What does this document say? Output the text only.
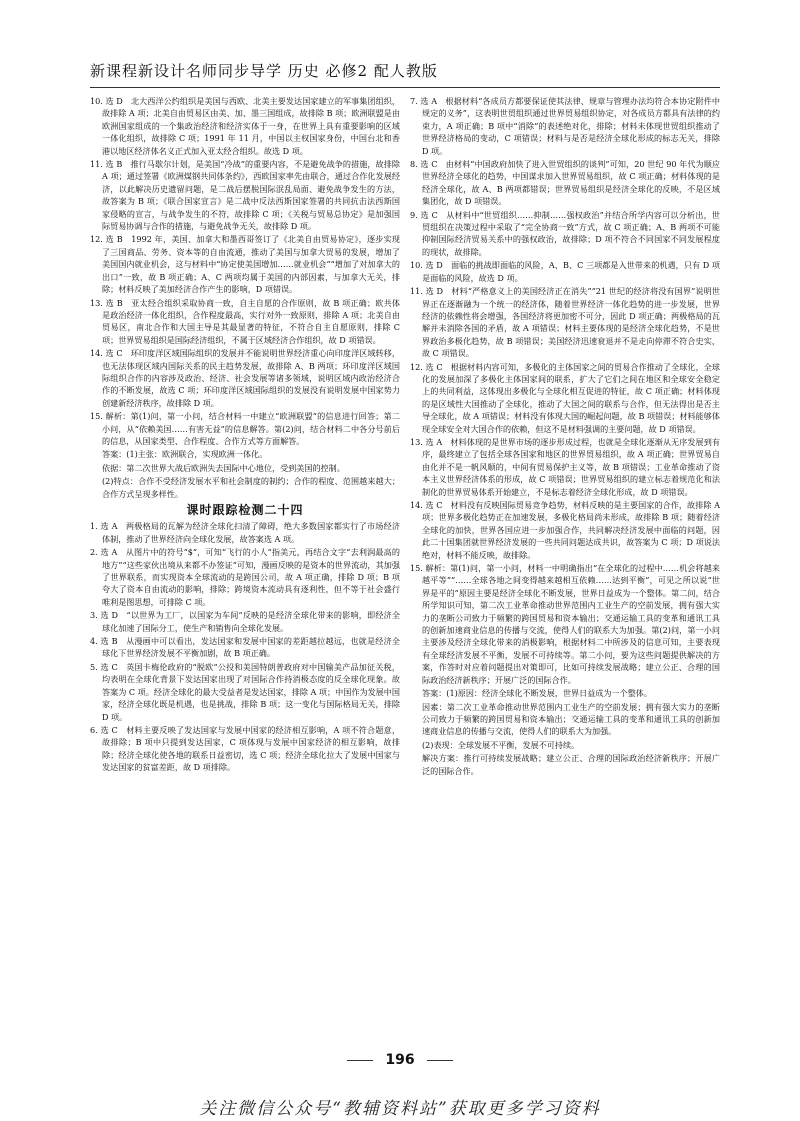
新课程新设计名师同步导学 历史 必修2 配人教版
10. 选 D　北大西洋公约组织是美国与西欧、北美主要发达国家建立的军事集团组织，故排除 A 项；北美自由贸易区由美、加、墨三国组成，故排除 B 项；欧洲联盟是由欧洲国家组成的一个集政治经济和经济实体于一身，在世界上具有重要影响的区域一体化组织，故排除 C 项；1991 年 11 月，中国以主权国家身份，中国台北和香港以地区经济体名义正式加入亚太经合组织。故选 D 项。
11. 选 B　推行马歇尔计划，是美国“冷战”的重要内容，不是避免战争的措施，故排除 A 项；通过签署《欧洲煤钢共同体条约》，西欧国家率先由联合，通过合作化发展经济，以此解决历史遗留问题，是二战后摆脱国际泯乱局面、避免战争发生的方法，故答案为 B 项；《联合国家宣言》是二战中反法西斯国家签署的共同抗击法西斯国家侵略的宣言，与战争发生的不符，故排除 C 项；《关税与贸易总协定》是加强国际贸易协调与合作的措施，与避免战争无关，故排除 D 项。
12. 选 B　1992 年，美国、加拿大和墨西哥签订了《北美自由贸易协定》，逐步实现了三国商品、劳务、资本等的自由流通，推动了美国与加拿大贸易的发展，增加了美国国内就业机会，这与材料中“协定使美国增加……就业机会”“增加了对加拿大的出口”一致，故 B 项正确；A、C 两项均属于美国的内部因素，与加拿大无关，排除；材料反映了美加经济合作产生的影响，D 项错误。
13. 选 B　亚太经合组织采取协商一致，自主自愿的合作原则，故 B 项正确；欧共体是政治经济一体化组织，合作程度最高，实行对外一致原则，排除 A 项；北美自由贸易区，南北合作和大国主导是其最显著的特征，不符合自主自愿原则，排除 C 项；世界贸易组织是国际经济组织，不属于区域经济合作组织，故 D 项错误。
14. 选 C　环印度洋区域国际组织的发展并不能说明世界经济重心向印度洋区域转移，也无法体现区域内国际关系的民主趋势发展，故排除 A、B 两项；环印度洋区域国际组织合作的内容涉及政治、经济、社会发展等诸多领域，说明区域内政治经济合作的不断发展，故选 C 项；环印度洋区域国际组织的发展没有说明发展中国家势力创建新经济秩序，故排除 D 项。
15. 解析：第(1)问，第一小问，结合材料一中建立“欧洲联盟”的信息进行回答；第二小问，从“依赖美国……有害无益”的信息解答。第(2)问，结合材料二中各分号前后的信息，从国家类型、合作程度、合作方式等方面解答。
答案：(1)主张：欧洲联合，实现欧洲一体化。
依据：第二次世界大战后欧洲失去国际中心地位，受到美国的控制。
(2)特点：合作不受经济发展水平和社会制度的制约；合作的程度、范围越来越大；合作方式呈现多样性。
课时跟踪检测二十四
1. 选 A　两极格局的瓦解为经济全球化扫清了障碍，绝大多数国家都实行了市场经济体制，推动了世界经济向全球化发展，故答案选 A 项。
2. 选 A　从图片中的符号“$”，可知“飞行的小人”指美元，再结合文字“去利润最高的地方”“这些家伙出境从来都不办签证”可知，漫画反映的是资本的世界流动，其加强了世界联系，而实现资本全球流动的是跨国公司，故 A 项正确，排除 D 项；B 项夸大了资本自由流动的影响，排除；跨境资本流动具有逐利性，但不等于社会盛行唯利是图思想，可排除 C 项。
3. 选 D　“以世界为工厂，以国家为车间”反映的是经济全球化带来的影响，即经济全球化加速了国际分工，使生产和销售向全球化发展。
4. 选 B　从漫画中可以看出，发达国家和发展中国家的差距越拉越远，也就是经济全球化下世界经济发展不平衡加剧，故 B 项正确。
5. 选 C　英国卡梅伦政府的“脱欧”公投和美国特朗普政府对中国输美产品加征关税，均表明在全球化背景下发达国家出现了对国际合作持消极态度的反全球化现象。故答案为 C 项。经济全球化的最大受益者是发达国家，排除 A 项；中国作为发展中国家，经济全球化既是机遇，也是挑战，排除 B 项；这一变化与国际格局无关，排除 D 项。
6. 选 C　材料主要反映了发达国家与发展中国家的经济相互影响，A 项不符合题意，故排除；B 项中只提到发达国家，C 项体现与发展中国家经济的相互影响，故排除；经济全球化使各地的联系日益密切，选 C 项；经济全球化拉大了发展中国家与发达国家的贫富差距，故 D 项排除。
7. 选 A　根据材料“各成员方都要保证使其法律、规章与管理办法均符合本协定附件中规定的义务”，这表明世贸组织通过世界贸易组织协定，对各成员方都具有法律的约束力，A 项正确；B 项中“消除”的表述绝对化，排除；材料未体现世贸组织推动了世界经济格局的变动，C 项错误；材料与是否是经济全球化形成的标志无关，排除 D 项。
8. 选 C　由材料“中国政府加快了进入世贸组织的谈判”可知，20 世纪 90 年代为顺应世界经济全球化的趋势，中国谋求加入世界贸易组织，故 C 项正确；材料体现的是经济全球化，故 A、B 两项都错误；世界贸易组织是经济全球化的反映，不是区域集团化，故 D 项错误。
9. 选 C　从材料中“世贸组织……抑制……强权政治”并结合所学内容可以分析出，世贸组织在决策过程中采取了“完全协商一致”方式，故 C 项正确；A、B 两项不可能抑制国际经济贸易关系中的强权政治，故排除；D 项不符合不同国家不同发展程度的现状，故排除。
10. 选 D　面临的挑战即面临的风险，A、B、C 三项都是入世带来的机遇，只有 D 项是面临的风险，故选 D 项。
11. 选 D　材料“严格意义上的美国经济正在消失”“21 世纪的经济将没有国界”说明世界正在逐渐融为一个统一的经济体，随着世界经济一体化趋势的进一步发展，世界经济的依赖性将会增强，各国经济将更加密不可分，因此 D 项正确；两极格局的瓦解并未消除各国的矛盾，故 A 项错误；材料主要体现的是经济全球化趋势，不是世界政治多极化趋势，故 B 项错误；美国经济迅速衰退并不是走向停滞不符合史实，故 C 项错误。
12. 选 C　根据材料内容可知，多极化的主体国家之间的贸易合作推动了全球化，全球化的发展加深了多极化主体国家间的联系，扩大了它们之间在地区和全球安全稳定上的共同利益，这体现出多极化与全球化相互促进的特征，故 C 项正确；材料体现的是区域性大国推动了全球化，推动了大国之间的联系与合作，但无法得出是否主导全球化，故 A 项错误；材料没有体现大国的崛起问题，故 B 项错误；材料能够体现全球安全对大国合作的依赖，但这不是材料强调的主要问题，故 D 项错误。
13. 选 A　材料体现的是世界市场的逐步形成过程，也就是全球化逐渐从无序发展到有序，最终建立了包括全球各国家和地区的世界贸易组织，故 A 项正确；世界贸易自由化并不是一帆风顺的，中间有贸易保护主义等，故 B 项错误；工业革命推动了资本主义世界经济体系的形成，故 C 项错误；世界贸易组织的建立标志着规范化和法制化的世界贸易体系开始建立，不是标志着经济全球化形成，故 D 项错误。
14. 选 C　材料没有反映国际贸易竞争趋势，材料反映的是主要国家的合作，故排除 A 项；世界多极化趋势正在加速发展，多极化格局尚未形成，故排除 B 项；随着经济全球化的加快，世界各国应进一步加强合作，共同解决经济发展中面临的问题，因此二十国集团就世界经济发展的一些共同问题达成共识，故答案为 C 项；D 项说法绝对，材料不能反映，故排除。
15. 解析：第(1)问，第一小问，材料一中明确指出“在全球化的过程中……机会将越来越平等”“……全球各地之间变得越来越相互依赖……达到平衡”，可见之所以说“世界是平的”原因主要是经济全球化不断发展，世界日益成为一个整体。第二问，结合所学知识可知，第二次工业革命推动世界范围内工业生产的空前发展，拥有强大实力的垄断公司致力于频繁的跨国贸易和资本输出；交通运输工具的变革和通讯工具的创新加速商业信息的传播与交流，使得人们的联系大为加强。第(2)问，第一小问主要涉及经济全球化带来的消极影响，根据材料二中所涉及的信息可知，主要表现有全球经济发展不平衡，发展不可持续等。第二小问，要为这些问题提供解决的方案，作答时对应着问题提出对策即可，比如可持续发展战略；建立公正、合理的国际政治经济新秩序；开展广泛的国际合作。
答案：(1)原因：经济全球化不断发展，世界日益成为一个整体。
因素：第二次工业革命推动世界范围内工业生产的空前发展；拥有强大实力的垄断公司致力于频繁的跨国贸易和资本输出；交通运输工具的变革和通讯工具的创新加速商业信息的传播与交流，使得人们的联系大为加强。
(2)表现：全球发展不平衡，发展不可持续。
解决方案：推行可持续发展战略；建立公正、合理的国际政治经济新秩序；开展广泛的国际合作。
196
关注微信公众号“教辅资料站”获取更多学习资料
